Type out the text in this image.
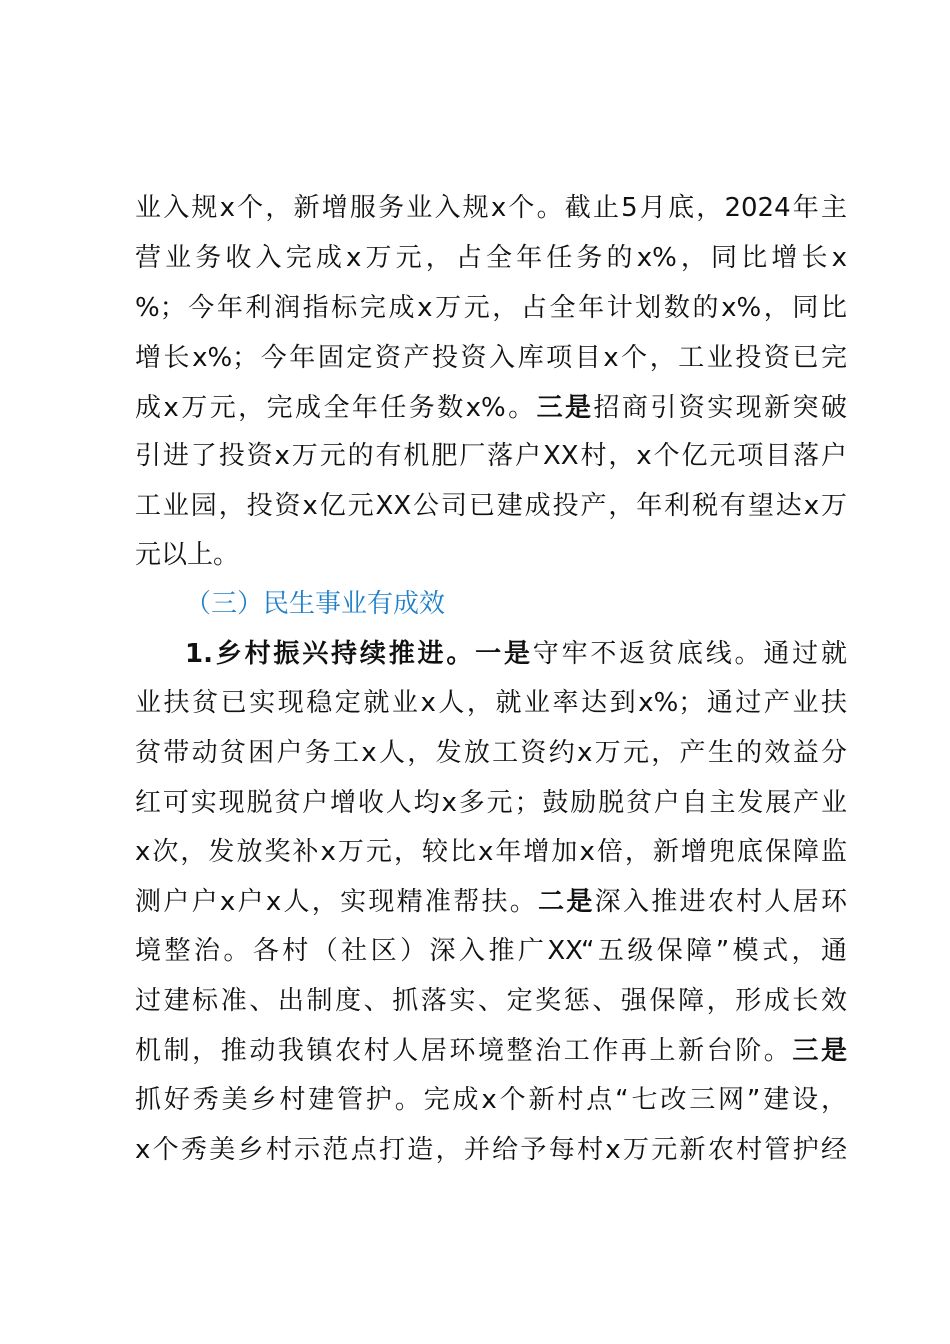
业入规x个，新增服务业入规x个。截止5月底，2024年主
营业务收入完成x万元，占全年任务的x%，同比增长x
%；今年利润指标完成x万元，占全年计划数的x%，同比
增长x%；今年固定资产投资入库项目x个，工业投资已完
成x万元，完成全年任务数x%。三是招商引资实现新突破
引进了投资x万元的有机肥厂落户XX村，x个亿元项目落户
工业园，投资x亿元XX公司已建成投产，年利税有望达x万
元以上。
（三）民生事业有成效
1.乡村振兴持续推进。一是守牢不返贫底线。通过就
业扶贫已实现稳定就业x人，就业率达到x%；通过产业扶
贫带动贫困户务工x人，发放工资约x万元，产生的效益分
红可实现脱贫户增收人均x多元；鼓励脱贫户自主发展产业
x次，发放奖补x万元，较比x年增加x倍，新增兜底保障监
测户户x户x人，实现精准帮扶。二是深入推进农村人居环
境整治。各村（社区）深入推广XX“五级保障”模式，通
过建标准、出制度、抓落实、定奖惩、强保障，形成长效
机制，推动我镇农村人居环境整治工作再上新台阶。三是
抓好秀美乡村建管护。完成x个新村点“七改三网”建设，
x个秀美乡村示范点打造，并给予每村x万元新农村管护经
